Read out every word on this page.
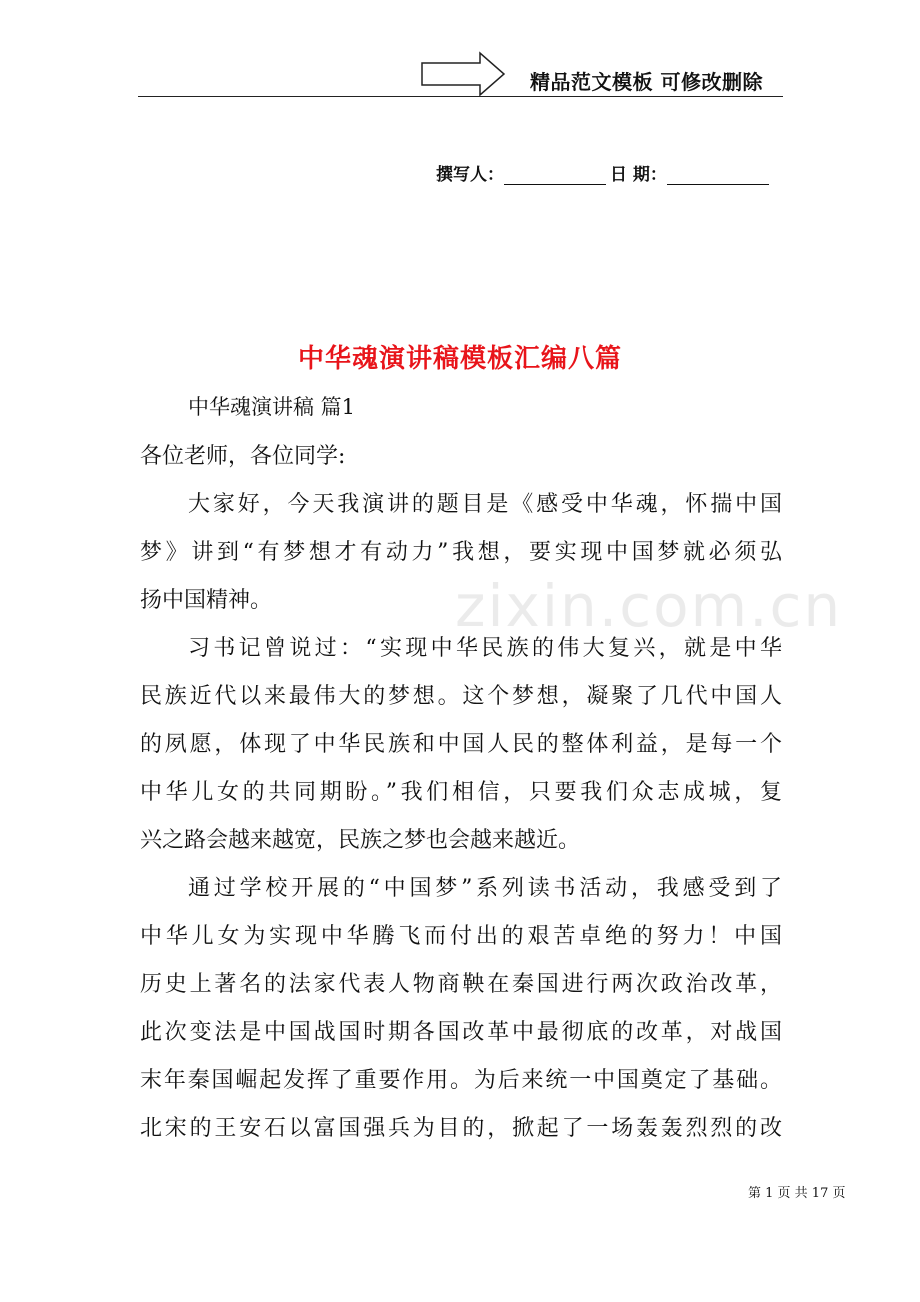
精品范文模板 可修改删除
撰写人：	日 期：
中华魂演讲稿模板汇编八篇
中华魂演讲稿 篇1
各位老师，各位同学:
大家好，今天我演讲的题目是《感受中华魂，怀揣中国
梦》讲到“有梦想才有动力”我想，要实现中国梦就必须弘
扬中国精神。
习书记曾说过：“实现中华民族的伟大复兴，就是中华
民族近代以来最伟大的梦想。这个梦想，凝聚了几代中国人
的夙愿，体现了中华民族和中国人民的整体利益，是每一个
中华儿女的共同期盼。”我们相信，只要我们众志成城，复
兴之路会越来越宽，民族之梦也会越来越近。
通过学校开展的“中国梦”系列读书活动，我感受到了
中华儿女为实现中华腾飞而付出的艰苦卓绝的努力！中国
历史上著名的法家代表人物商鞅在秦国进行两次政治改革，
此次变法是中国战国时期各国改革中最彻底的改革，对战国
末年秦国崛起发挥了重要作用。为后来统一中国奠定了基础。
北宋的王安石以富国强兵为目的，掀起了一场轰轰烈烈的改
zixin.com.cn
第 1 页 共 17 页
